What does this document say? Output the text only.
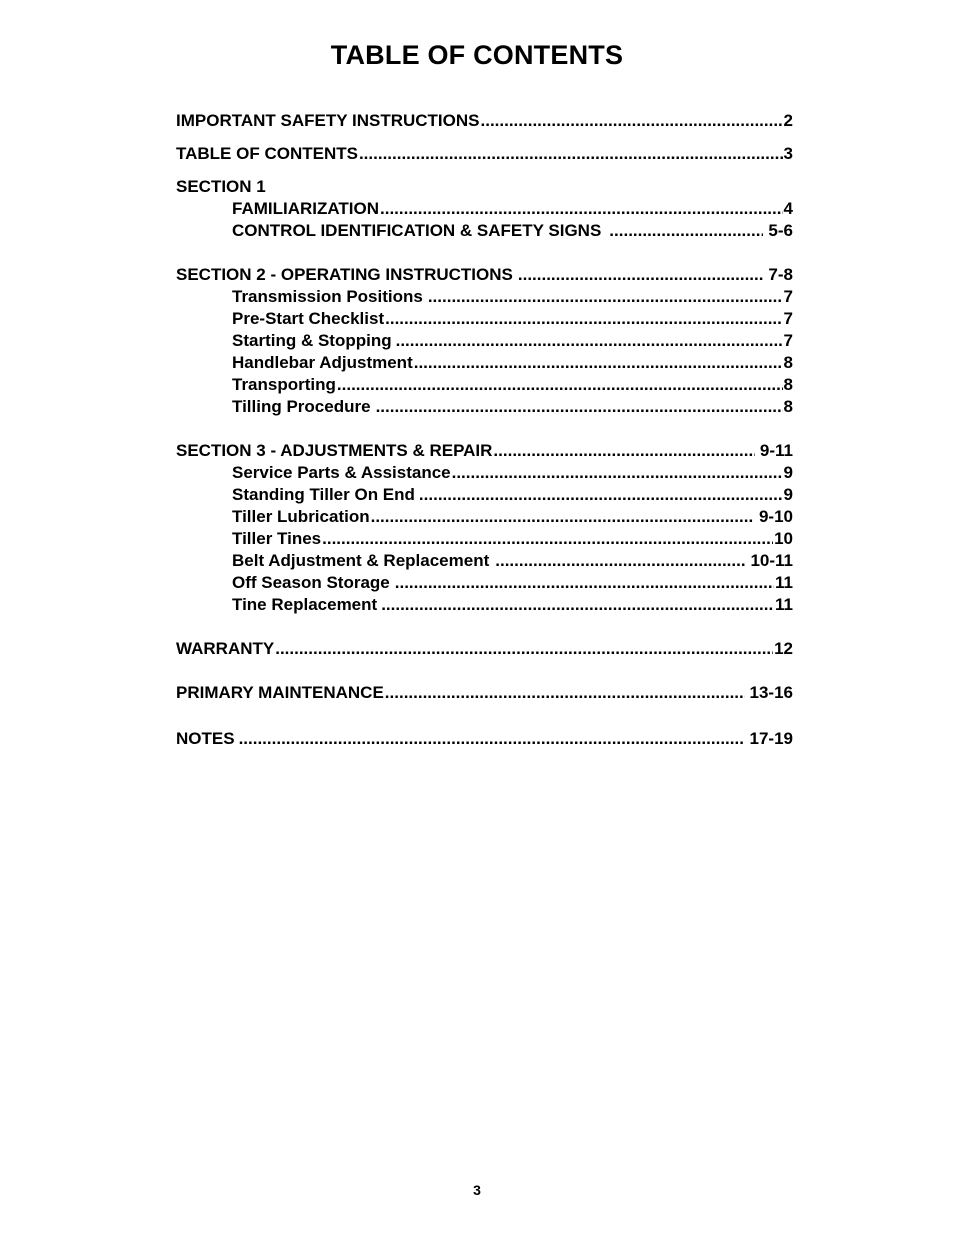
TABLE OF CONTENTS
IMPORTANT SAFETY INSTRUCTIONS .....	2
TABLE OF CONTENTS .....	3
SECTION 1
FAMILIARIZATION .....	4
CONTROL IDENTIFICATION & SAFETY SIGNS .....	5-6
SECTION 2 - OPERATING INSTRUCTIONS .....	7-8
Transmission Positions .....	7
Pre-Start Checklist .....	7
Starting & Stopping .....	7
Handlebar Adjustment .....	8
Transporting .....	8
Tilling Procedure .....	8
SECTION 3 - ADJUSTMENTS & REPAIR .....	9-11
Service Parts & Assistance .....	9
Standing Tiller On End .....	9
Tiller Lubrication .....	9-10
Tiller Tines .....	10
Belt Adjustment & Replacement .....	10-11
Off Season Storage .....	11
Tine Replacement .....	11
WARRANTY .....	12
PRIMARY MAINTENANCE .....	13-16
NOTES .....	17-19
3
